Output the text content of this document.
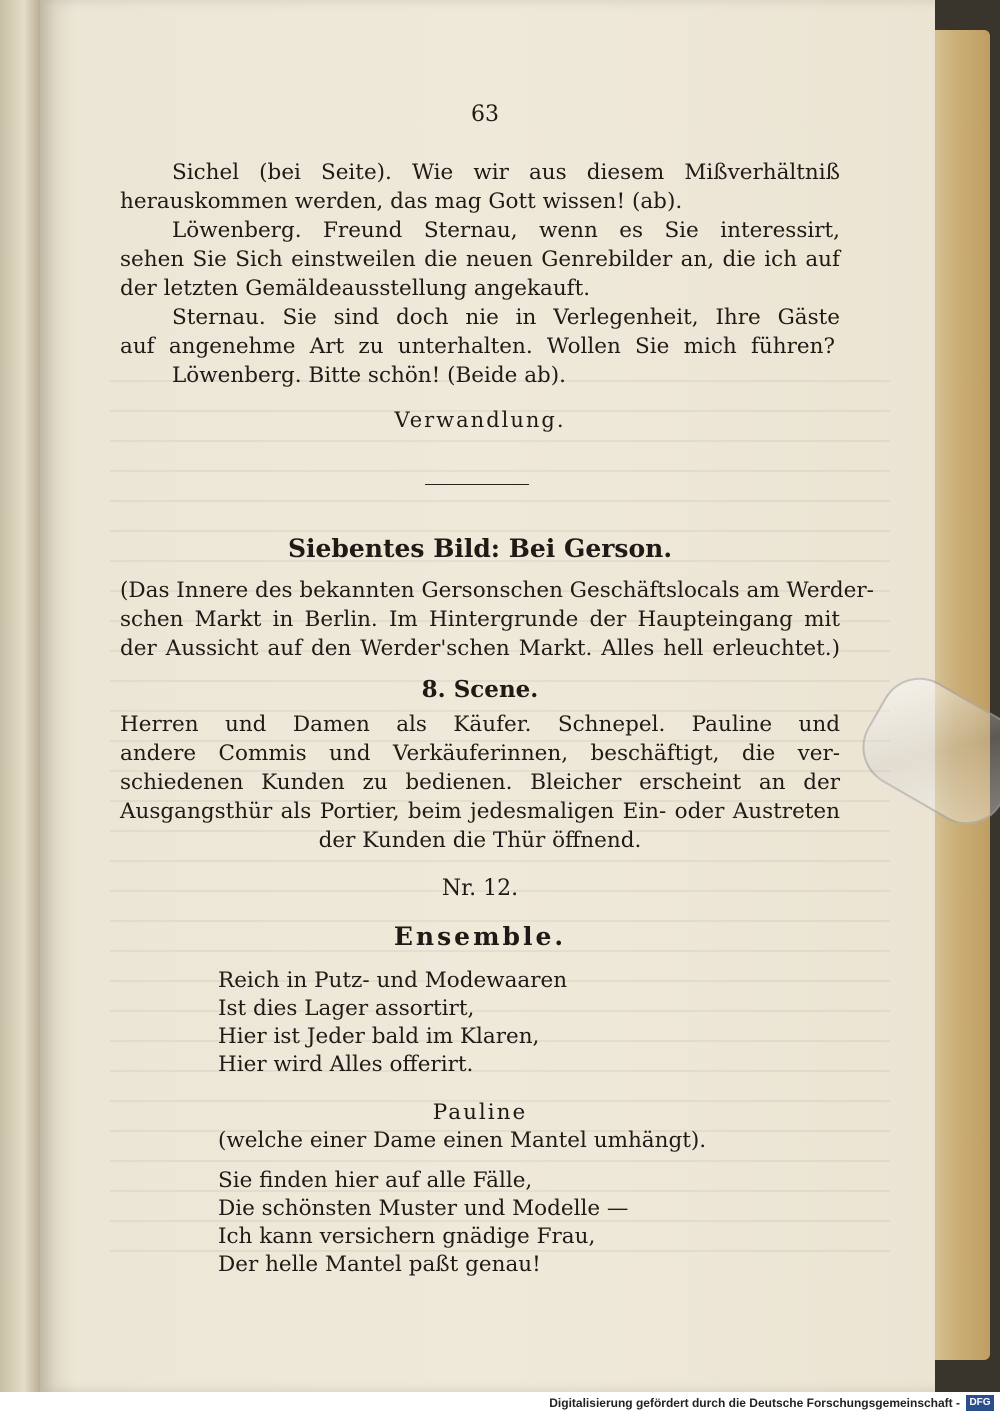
63
Sichel (bei Seite). Wie wir aus diesem Mißverhältniß
herauskommen werden, das mag Gott wissen! (ab).
Löwenberg. Freund Sternau, wenn es Sie interessirt,
sehen Sie Sich einstweilen die neuen Genrebilder an, die ich auf
der letzten Gemäldeausstellung angekauft.
Sternau. Sie sind doch nie in Verlegenheit, Ihre Gäste
auf angenehme Art zu unterhalten. Wollen Sie mich führen?
Löwenberg. Bitte schön! (Beide ab).
Verwandlung.
Siebentes Bild: Bei Gerson.
(Das Innere des bekannten Gersonschen Geschäftslocals am Werder-
schen Markt in Berlin. Im Hintergrunde der Haupteingang mit
der Aussicht auf den Werder'schen Markt. Alles hell erleuchtet.)
8. Scene.
Herren und Damen als Käufer. Schnepel. Pauline und
andere Commis und Verkäuferinnen, beschäftigt, die ver-
schiedenen Kunden zu bedienen. Bleicher erscheint an der
Ausgangsthür als Portier, beim jedesmaligen Ein- oder Austreten
der Kunden die Thür öffnend.
Nr. 12.
Ensemble.
Reich in Putz- und Modewaaren
Ist dies Lager assortirt,
Hier ist Jeder bald im Klaren,
Hier wird Alles offerirt.
Pauline
(welche einer Dame einen Mantel umhängt).
Sie finden hier auf alle Fälle,
Die schönsten Muster und Modelle —
Ich kann versichern gnädige Frau,
Der helle Mantel paßt genau!
Digitalisierung gefördert durch die Deutsche Forschungsgemeinschaft - DFG
